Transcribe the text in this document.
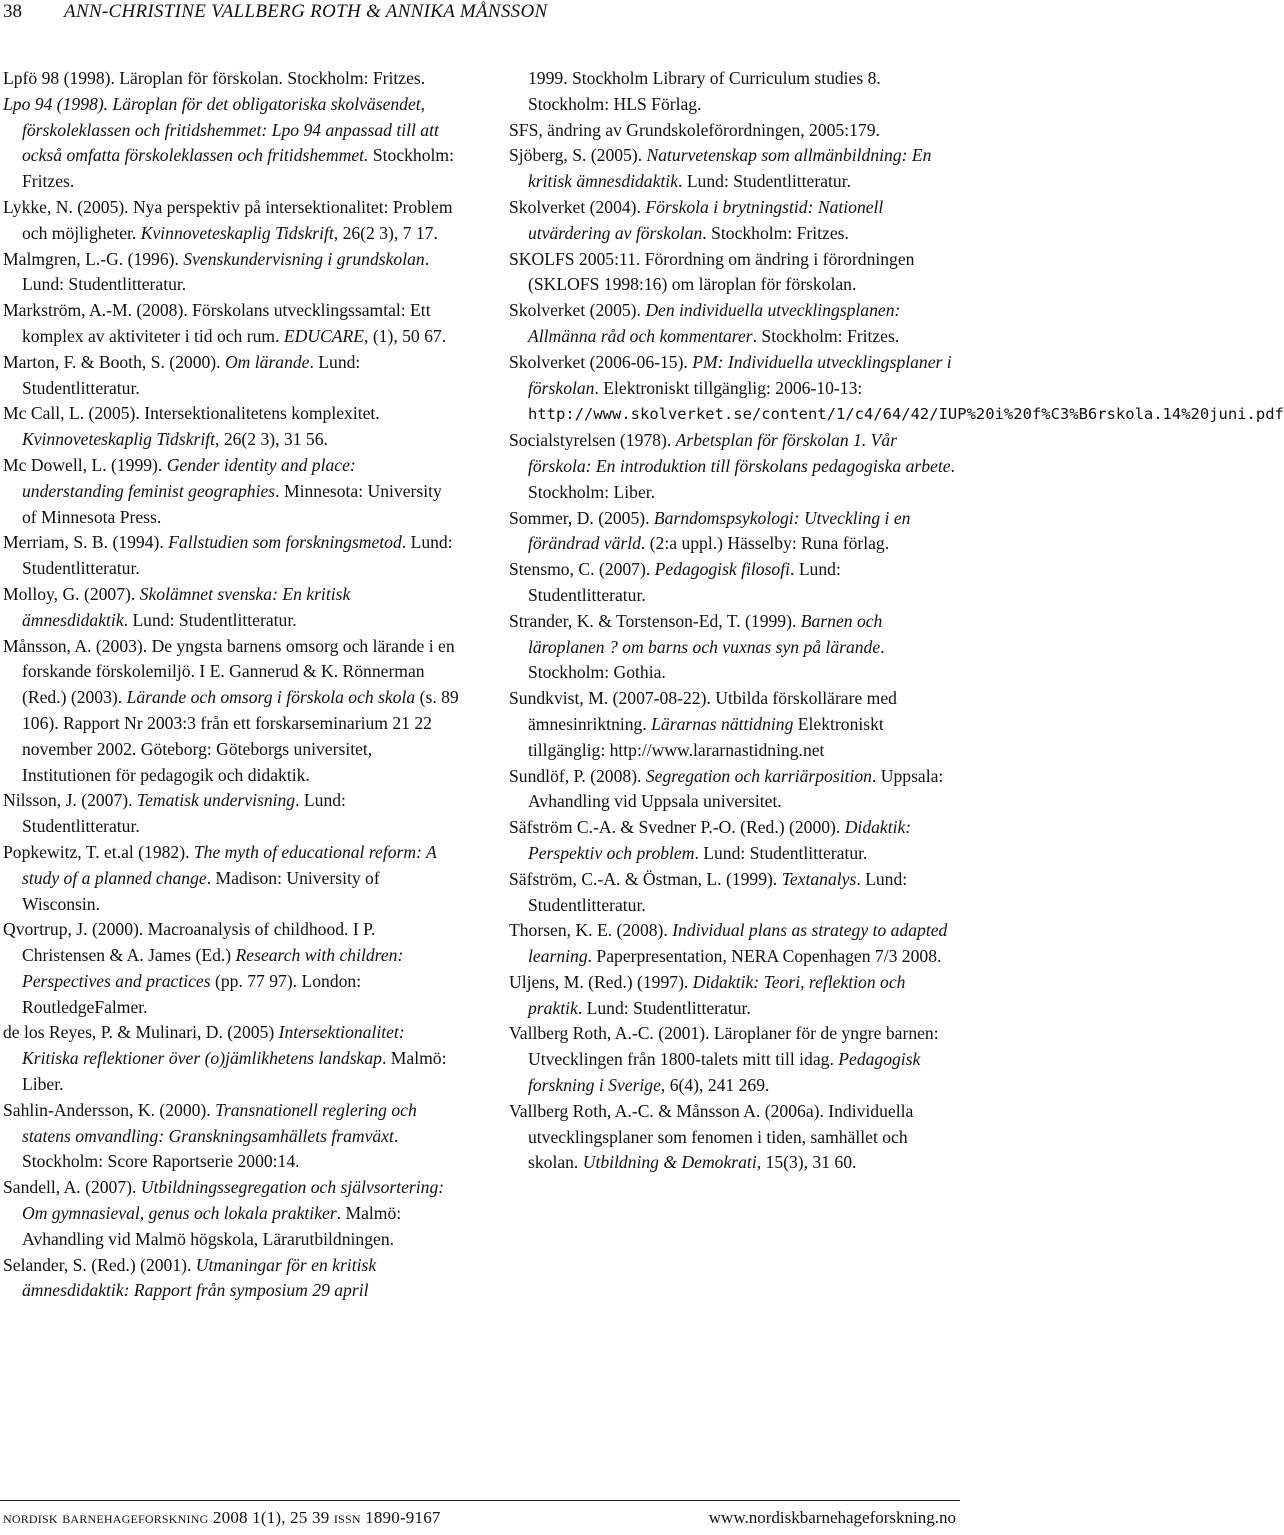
38 ANN-CHRISTINE VALLBERG ROTH & ANNIKA MÅNSSON

Lpfö 98 (1998). Läroplan för förskolan. Stockholm: Fritzes.

Lpo 94 (1998). Läroplan för det obligatoriska skolväsendet, förskoleklassen och fritidshemmet: Lpo 94 anpassad till att också omfatta förskoleklassen och fritidshemmet. Stockholm: Fritzes.

Lykke, N. (2005). Nya perspektiv på intersektionalitet: Problem och möjligheter. Kvinnoveteskaplig Tidskrift, 26(2 3), 7 17.

Malmgren, L.-G. (1996). Svenskundervisning i grundskolan. Lund: Studentlitteratur.

Markström, A.-M. (2008). Förskolans utvecklingssamtal: Ett komplex av aktiviteter i tid och rum. EDUCARE, (1), 50 67.

Marton, F. & Booth, S. (2000). Om lärande. Lund: Studentlitteratur.

Mc Call, L. (2005). Intersektionalitetens komplexitet. Kvinnoveteskaplig Tidskrift, 26(2 3), 31 56.

Mc Dowell, L. (1999). Gender identity and place: understanding feminist geographies. Minnesota: University of Minnesota Press.

Merriam, S. B. (1994). Fallstudien som forskningsmetod. Lund: Studentlitteratur.

Molloy, G. (2007). Skolämnet svenska: En kritisk ämnesdidaktik. Lund: Studentlitteratur.

Månsson, A. (2003). De yngsta barnens omsorg och lärande i en forskande förskolemiljö. I E. Gannerud & K. Rönnerman (Red.) (2003). Lärande och omsorg i förskola och skola (s. 89 106). Rapport Nr 2003:3 från ett forskarseminarium 21 22 november 2002. Göteborg: Göteborgs universitet, Institutionen för pedagogik och didaktik.

Nilsson, J. (2007). Tematisk undervisning. Lund: Studentlitteratur.

Popkewitz, T. et.al (1982). The myth of educational reform: A study of a planned change. Madison: University of Wisconsin.

Qvortrup, J. (2000). Macroanalysis of childhood. I P. Christensen & A. James (Ed.) Research with children: Perspectives and practices (pp. 77 97). London: RoutledgeFalmer.

de los Reyes, P. & Mulinari, D. (2005) Intersektionalitet: Kritiska reflektioner över (o)jämlikhetens landskap. Malmö: Liber.

Sahlin-Andersson, K. (2000). Transnationell reglering och statens omvandling: Granskningsamhällets framväxt. Stockholm: Score Raportserie 2000:14.

Sandell, A. (2007). Utbildningssegregation och självsortering: Om gymnasieval, genus och lokala praktiker. Malmö: Avhandling vid Malmö högskola, Lärarutbildningen.

Selander, S. (Red.) (2001). Utmaningar för en kritisk ämnesdidaktik: Rapport från symposium 29 april

1999. Stockholm Library of Curriculum studies 8. Stockholm: HLS Förlag.

SFS, ändring av Grundskoleförordningen, 2005:179.

Sjöberg, S. (2005). Naturvetenskap som allmänbildning: En kritisk ämnesdidaktik. Lund: Studentlitteratur.

Skolverket (2004). Förskola i brytningstid: Nationell utvärdering av förskolan. Stockholm: Fritzes.

SKOLFS 2005:11. Förordning om ändring i förordningen (SKLOFS 1998:16) om läroplan för förskolan.

Skolverket (2005). Den individuella utvecklingsplanen: Allmänna råd och kommentarer. Stockholm: Fritzes.

Skolverket (2006-06-15). PM: Individuella utvecklingsplaner i förskolan. Elektroniskt tillgänglig: 2006-10-13: http://www.skolverket.se/content/1/c4/64/42/IUP%20i%20f%C3%B6rskola.14%20juni.pdf

Socialstyrelsen (1978). Arbetsplan för förskolan 1. Vår förskola: En introduktion till förskolans pedagogiska arbete. Stockholm: Liber.

Sommer, D. (2005). Barndomspsykologi: Utveckling i en förändrad värld. (2:a uppl.) Hässelby: Runa förlag.

Stensmo, C. (2007). Pedagogisk filosofi. Lund: Studentlitteratur.

Strander, K. & Torstenson-Ed, T. (1999). Barnen och läroplanen ? om barns och vuxnas syn på lärande. Stockholm: Gothia.

Sundkvist, M. (2007-08-22). Utbilda förskollärare med ämnesinriktning. Lärarnas nättidning Elektroniskt tillgänglig: http://www.lararnastidning.net

Sundlöf, P. (2008). Segregation och karriärposition. Uppsala: Avhandling vid Uppsala universitet.

Säfström C.-A. & Svedner P.-O. (Red.) (2000). Didaktik: Perspektiv och problem. Lund: Studentlitteratur.

Säfström, C.-A. & Östman, L. (1999). Textanalys. Lund: Studentlitteratur.

Thorsen, K. E. (2008). Individual plans as strategy to adapted learning. Paperpresentation, NERA Copenhagen 7/3 2008.

Uljens, M. (Red.) (1997). Didaktik: Teori, reflektion och praktik. Lund: Studentlitteratur.

Vallberg Roth, A.-C. (2001). Läroplaner för de yngre barnen: Utvecklingen från 1800-talets mitt till idag. Pedagogisk forskning i Sverige, 6(4), 241 269.

Vallberg Roth, A.-C. & Månsson A. (2006a). Individuella utvecklingsplaner som fenomen i tiden, samhället och skolan. Utbildning & Demokrati, 15(3), 31 60.

nordisk barnehageforskning 2008 1(1), 25 39 issn 1890-9167	www.nordiskbarnehageforskning.no
